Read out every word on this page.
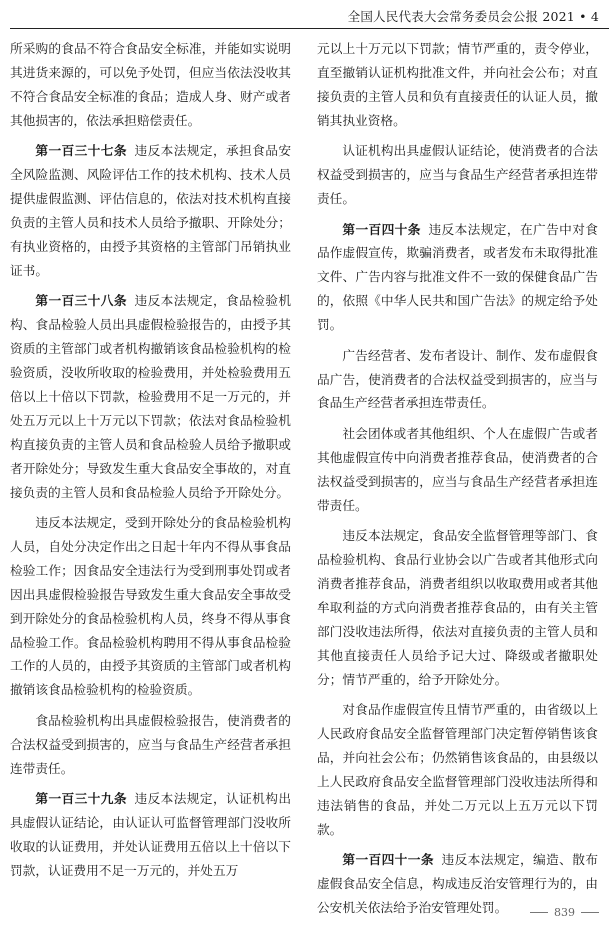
全国人民代表大会常务委员会公报 2021 • 4

所采购的食品不符合食品安全标准，并能如实说明其进货来源的，可以免予处罚，但应当依法没收其不符合食品安全标准的食品；造成人身、财产或者其他损害的，依法承担赔偿责任。

第一百三十七条 违反本法规定，承担食品安全风险监测、风险评估工作的技术机构、技术人员提供虚假监测、评估信息的，依法对技术机构直接负责的主管人员和技术人员给予撤职、开除处分；有执业资格的，由授予其资格的主管部门吊销执业证书。

第一百三十八条 违反本法规定，食品检验机构、食品检验人员出具虚假检验报告的，由授予其资质的主管部门或者机构撤销该食品检验机构的检验资质，没收所收取的检验费用，并处检验费用五倍以上十倍以下罚款，检验费用不足一万元的，并处五万元以上十万元以下罚款；依法对食品检验机构直接负责的主管人员和食品检验人员给予撤职或者开除处分；导致发生重大食品安全事故的，对直接负责的主管人员和食品检验人员给予开除处分。

违反本法规定，受到开除处分的食品检验机构人员，自处分决定作出之日起十年内不得从事食品检验工作；因食品安全违法行为受到刑事处罚或者因出具虚假检验报告导致发生重大食品安全事故受到开除处分的食品检验机构人员，终身不得从事食品检验工作。食品检验机构聘用不得从事食品检验工作的人员的，由授予其资质的主管部门或者机构撤销该食品检验机构的检验资质。

食品检验机构出具虚假检验报告，使消费者的合法权益受到损害的，应当与食品生产经营者承担连带责任。

第一百三十九条 违反本法规定，认证机构出具虚假认证结论，由认证认可监督管理部门没收所收取的认证费用，并处认证费用五倍以上十倍以下罚款，认证费用不足一万元的，并处五万

元以上十万元以下罚款；情节严重的，责令停业，直至撤销认证机构批准文件，并向社会公布；对直接负责的主管人员和负有直接责任的认证人员，撤销其执业资格。

认证机构出具虚假认证结论，使消费者的合法权益受到损害的，应当与食品生产经营者承担连带责任。

第一百四十条 违反本法规定，在广告中对食品作虚假宣传，欺骗消费者，或者发布未取得批准文件、广告内容与批准文件不一致的保健食品广告的，依照《中华人民共和国广告法》的规定给予处罚。

广告经营者、发布者设计、制作、发布虚假食品广告，使消费者的合法权益受到损害的，应当与食品生产经营者承担连带责任。

社会团体或者其他组织、个人在虚假广告或者其他虚假宣传中向消费者推荐食品，使消费者的合法权益受到损害的，应当与食品生产经营者承担连带责任。

违反本法规定，食品安全监督管理等部门、食品检验机构、食品行业协会以广告或者其他形式向消费者推荐食品，消费者组织以收取费用或者其他牟取利益的方式向消费者推荐食品的，由有关主管部门没收违法所得，依法对直接负责的主管人员和其他直接责任人员给予记大过、降级或者撤职处分；情节严重的，给予开除处分。

对食品作虚假宣传且情节严重的，由省级以上人民政府食品安全监督管理部门决定暂停销售该食品，并向社会公布；仍然销售该食品的，由县级以上人民政府食品安全监督管理部门没收违法所得和违法销售的食品，并处二万元以上五万元以下罚款。

第一百四十一条 违反本法规定，编造、散布虚假食品安全信息，构成违反治安管理行为的，由公安机关依法给予治安管理处罚。	839
